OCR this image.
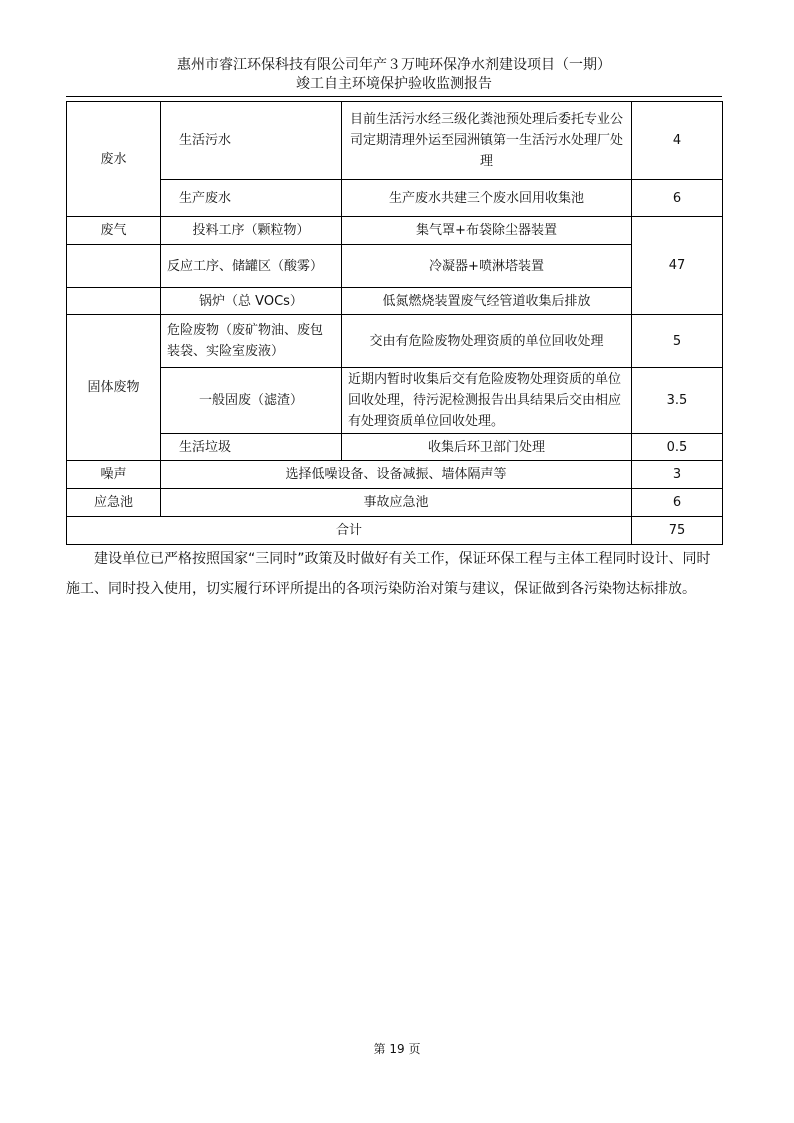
惠州市睿江环保科技有限公司年产３万吨环保净水剂建设项目（一期）
竣工自主环境保护验收监测报告
废水	生活污水	目前生活污水经三级化粪池预处理后委托专业公司定期清理外运至园洲镇第一生活污水处理厂处理	4
	生产废水	生产废水共建三个废水回用收集池	6
废气	投料工序（颗粒物）	集气罩+布袋除尘器装置	47
	反应工序、储罐区（酸雾）	冷凝器+喷淋塔装置	
	锅炉（总 VOCs）	低氮燃烧装置废气经管道收集后排放	
固体废物	危险废物（废矿物油、废包装袋、实险室废液）	交由有危险废物处理资质的单位回收处理	5
	一般固废（滤渣）	近期内暂时收集后交有危险废物处理资质的单位回收处理，待污泥检测报告出具结果后交由相应有处理资质单位回收处理。	3.5
	生活垃圾	收集后环卫部门处理	0.5
噪声	选择低噪设备、设备减振、墙体隔声等		3
应急池	事故应急池		6
合计			75

建设单位已严格按照国家“三同时”政策及时做好有关工作，保证环保工程与主体工程同时设计、同时施工、同时投入使用，切实履行环评所提出的各项污染防治对策与建议，保证做到各污染物达标排放。

第 19 页
